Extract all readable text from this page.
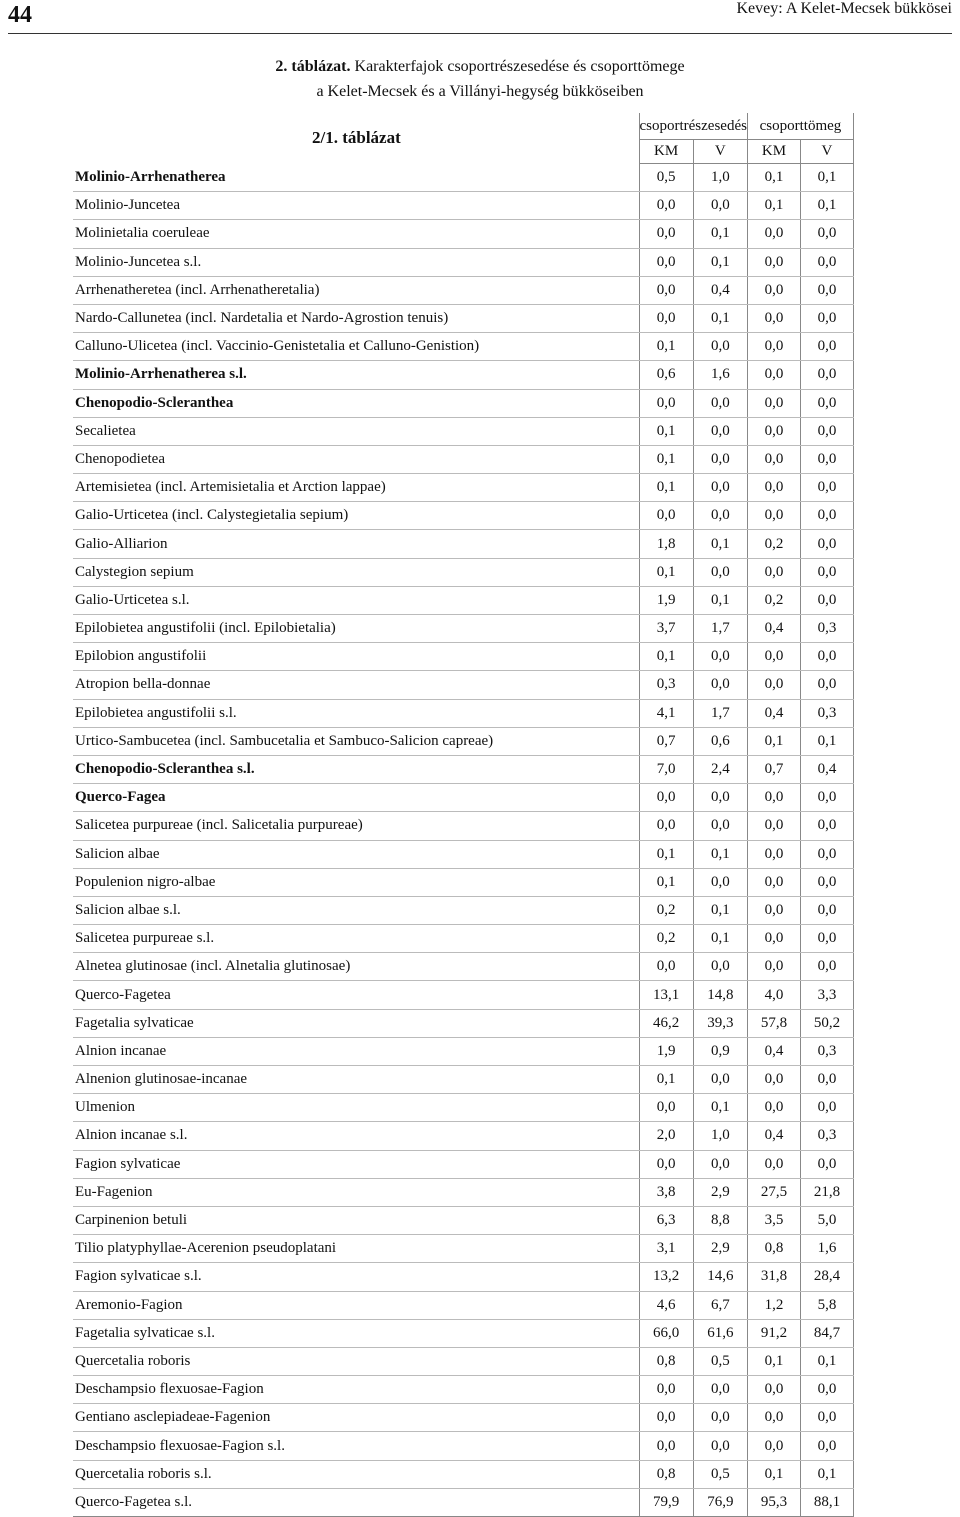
44	Kevey: A Kelet-Mecsek bükkösei
2. táblázat. Karakterfajok csoportrészesedése és csoporttömege
a Kelet-Mecsek és a Villányi-hegység bükköseiben
2/1. táblázat	csoportrészesedés		csoporttömeg	
	KM	V	KM	V
Molinio-Arrhenatherea	0,5	1,0	0,1	0,1
Molinio-Juncetea	0,0	0,0	0,1	0,1
Molinietalia coeruleae	0,0	0,1	0,0	0,0
Molinio-Juncetea s.l.	0,0	0,1	0,0	0,0
Arrhenatheretea (incl. Arrhenatheretalia)	0,0	0,4	0,0	0,0
Nardo-Callunetea (incl. Nardetalia et Nardo-Agrostion tenuis)	0,0	0,1	0,0	0,0
Calluno-Ulicetea (incl. Vaccinio-Genistetalia et Calluno-Genistion)	0,1	0,0	0,0	0,0
Molinio-Arrhenatherea s.l.	0,6	1,6	0,0	0,0
Chenopodio-Scleranthea	0,0	0,0	0,0	0,0
Secalietea	0,1	0,0	0,0	0,0
Chenopodietea	0,1	0,0	0,0	0,0
Artemisietea (incl. Artemisietalia et Arction lappae)	0,1	0,0	0,0	0,0
Galio-Urticetea (incl. Calystegietalia sepium)	0,0	0,0	0,0	0,0
Galio-Alliarion	1,8	0,1	0,2	0,0
Calystegion sepium	0,1	0,0	0,0	0,0
Galio-Urticetea s.l.	1,9	0,1	0,2	0,0
Epilobietea angustifolii (incl. Epilobietalia)	3,7	1,7	0,4	0,3
Epilobion angustifolii	0,1	0,0	0,0	0,0
Atropion bella-donnae	0,3	0,0	0,0	0,0
Epilobietea angustifolii s.l.	4,1	1,7	0,4	0,3
Urtico-Sambucetea (incl. Sambucetalia et Sambuco-Salicion capreae)	0,7	0,6	0,1	0,1
Chenopodio-Scleranthea s.l.	7,0	2,4	0,7	0,4
Querco-Fagea	0,0	0,0	0,0	0,0
Salicetea purpureae (incl. Salicetalia purpureae)	0,0	0,0	0,0	0,0
Salicion albae	0,1	0,1	0,0	0,0
Populenion nigro-albae	0,1	0,0	0,0	0,0
Salicion albae s.l.	0,2	0,1	0,0	0,0
Salicetea purpureae s.l.	0,2	0,1	0,0	0,0
Alnetea glutinosae (incl. Alnetalia glutinosae)	0,0	0,0	0,0	0,0
Querco-Fagetea	13,1	14,8	4,0	3,3
Fagetalia sylvaticae	46,2	39,3	57,8	50,2
Alnion incanae	1,9	0,9	0,4	0,3
Alnenion glutinosae-incanae	0,1	0,0	0,0	0,0
Ulmenion	0,0	0,1	0,0	0,0
Alnion incanae s.l.	2,0	1,0	0,4	0,3
Fagion sylvaticae	0,0	0,0	0,0	0,0
Eu-Fagenion	3,8	2,9	27,5	21,8
Carpinenion betuli	6,3	8,8	3,5	5,0
Tilio platyphyllae-Acerenion pseudoplatani	3,1	2,9	0,8	1,6
Fagion sylvaticae s.l.	13,2	14,6	31,8	28,4
Aremonio-Fagion	4,6	6,7	1,2	5,8
Fagetalia sylvaticae s.l.	66,0	61,6	91,2	84,7
Quercetalia roboris	0,8	0,5	0,1	0,1
Deschampsio flexuosae-Fagion	0,0	0,0	0,0	0,0
Gentiano asclepiadeae-Fagenion	0,0	0,0	0,0	0,0
Deschampsio flexuosae-Fagion s.l.	0,0	0,0	0,0	0,0
Quercetalia roboris s.l.	0,8	0,5	0,1	0,1
Querco-Fagetea s.l.	79,9	76,9	95,3	88,1
